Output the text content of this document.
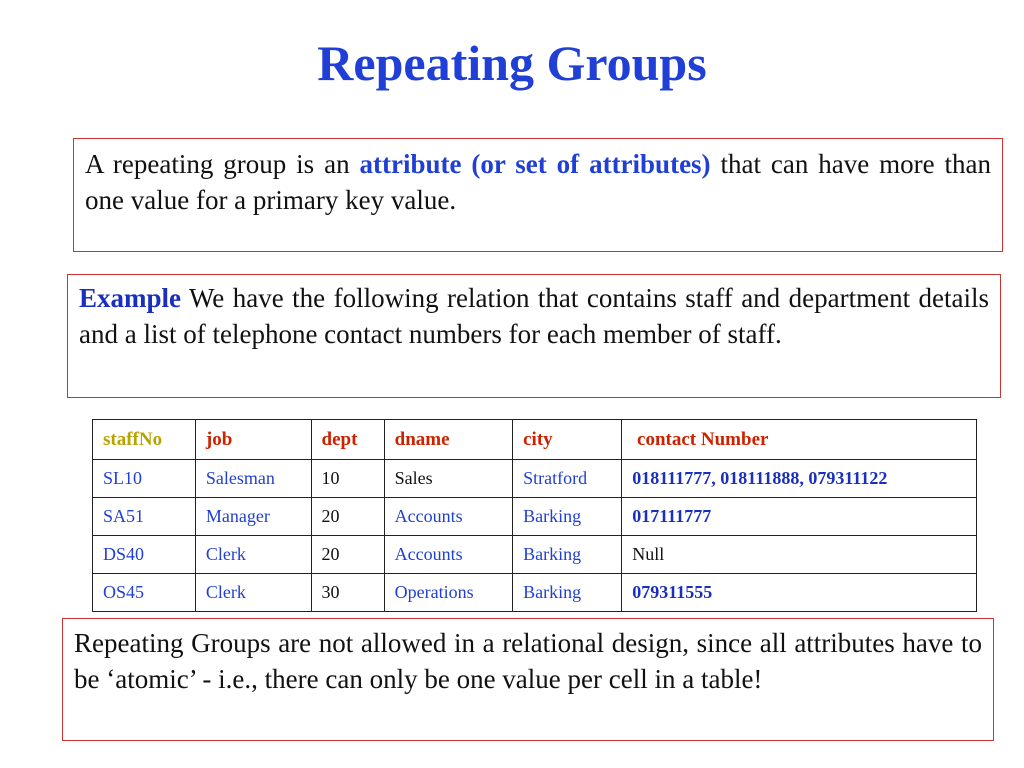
Repeating Groups
A repeating group is an attribute (or set of attributes) that can have more than one value for a primary key value.
Example We have the following relation that contains staff and department details and a list of telephone contact numbers for each member of staff.
staffNo	job	dept	dname	city	contact Number
SL10	Salesman	10	Sales	Stratford	018111777, 018111888, 079311122
SA51	Manager	20	Accounts	Barking	017111777
DS40	Clerk	20	Accounts	Barking	Null
OS45	Clerk	30	Operations	Barking	079311555
Repeating Groups are not allowed in a relational design, since all attributes have to be ‘atomic’ - i.e., there can only be one value per cell in a table!
